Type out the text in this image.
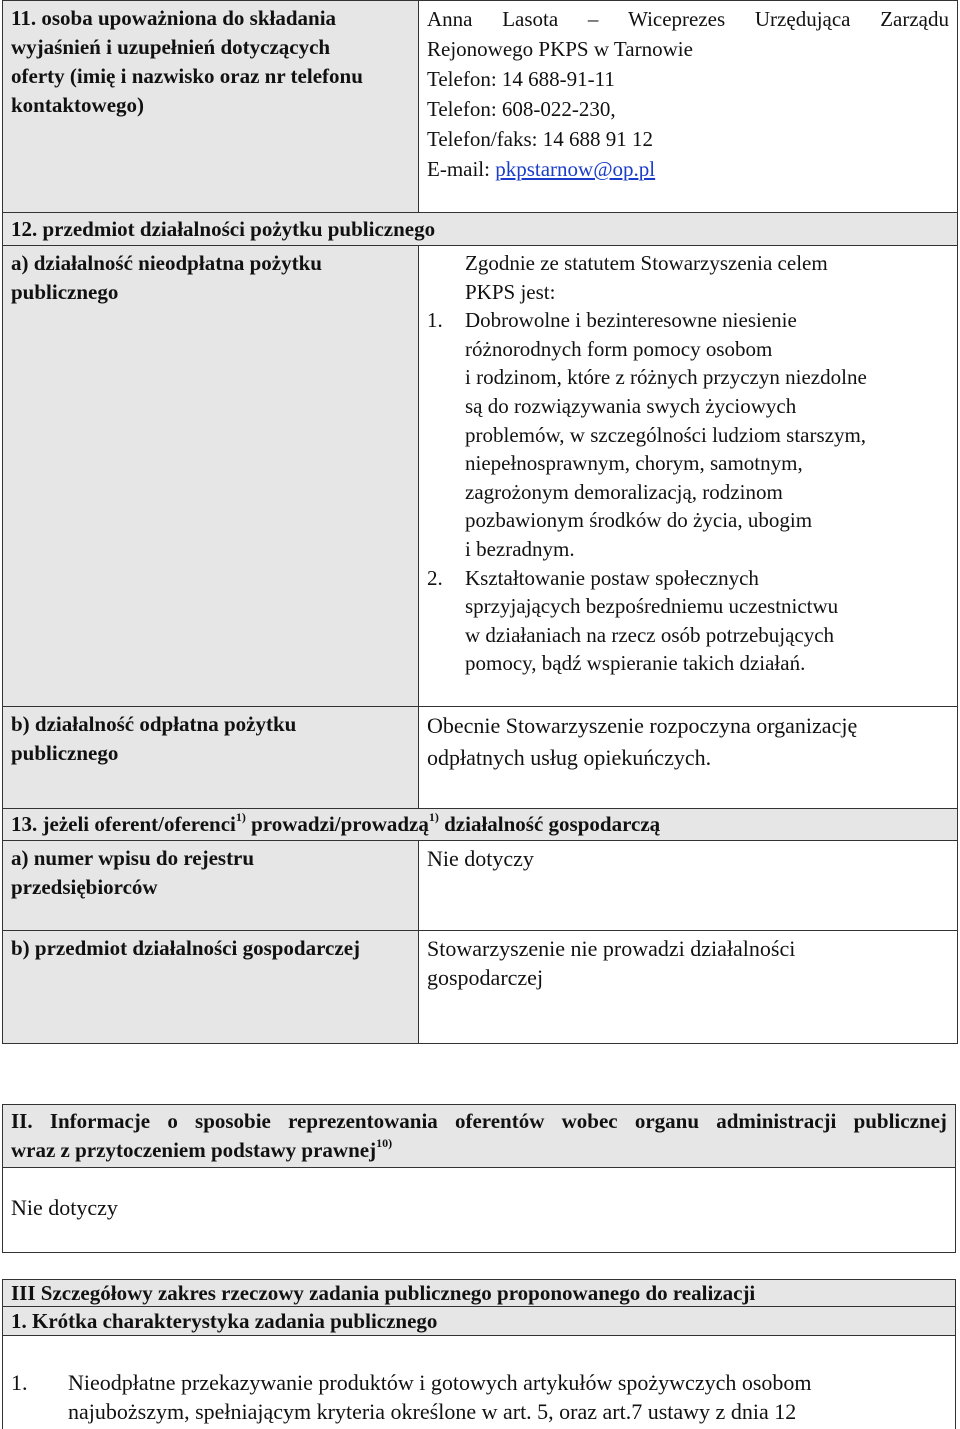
11. osoba upoważniona do składania
wyjaśnień i uzupełnień dotyczących
oferty (imię i nazwisko oraz nr telefonu
kontaktowego)
Anna Lasota – Wiceprezes Urzędująca Zarządu
Rejonowego PKPS w Tarnowie
Telefon: 14 688-91-11
Telefon: 608-022-230,
Telefon/faks: 14 688 91 12
E-mail: pkpstarnow@op.pl
12. przedmiot działalności pożytku publicznego
a) działalność nieodpłatna pożytku
publicznego
Zgodnie ze statutem Stowarzyszenia celem
PKPS jest:
1. Dobrowolne i bezinteresowne niesienie
różnorodnych form pomocy osobom
i rodzinom, które z różnych przyczyn niezdolne
są do rozwiązywania swych życiowych
problemów, w szczególności ludziom starszym,
niepełnosprawnym, chorym, samotnym,
zagrożonym demoralizacją, rodzinom
pozbawionym środków do życia, ubogim
i bezradnym.
2. Kształtowanie postaw społecznych
sprzyjających bezpośredniemu uczestnictwu
w działaniach na rzecz osób potrzebujących
pomocy, bądź wspieranie takich działań.
b) działalność odpłatna pożytku
publicznego
Obecnie Stowarzyszenie rozpoczyna organizację
odpłatnych usług opiekuńczych.
13. jeżeli oferent/oferenci$^{1)}$ prowadzi/prowadzą$^{1)}$ działalność gospodarczą
a) numer wpisu do rejestru
przedsiębiorców
Nie dotyczy
b) przedmiot działalności gospodarczej	Stowarzyszenie nie prowadzi działalności
gospodarczej
II. Informacje o sposobie reprezentowania oferentów wobec organu administracji publicznej
wraz z przytoczeniem podstawy prawnej$^{10)}$
Nie dotyczy
III Szczegółowy zakres rzeczowy zadania publicznego proponowanego do realizacji
1. Krótka charakterystyka zadania publicznego
1. Nieodpłatne przekazywanie produktów i gotowych artykułów spożywczych osobom
najuboższym, spełniającym kryteria określone w art. 5, oraz art.7 ustawy z dnia 12
